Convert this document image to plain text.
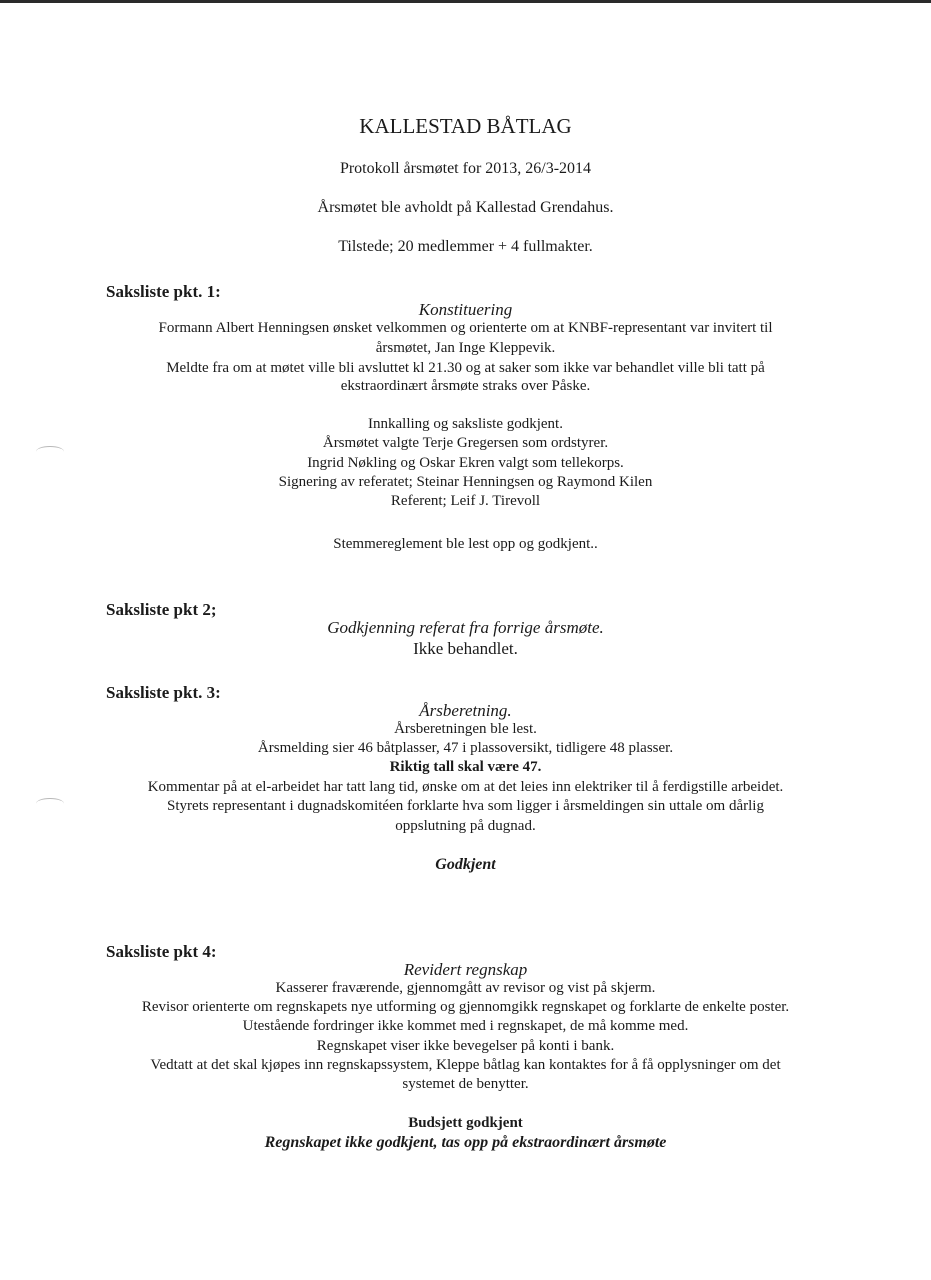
KALLESTAD BÅTLAG
Protokoll årsmøtet for 2013, 26/3-2014
Årsmøtet ble avholdt på Kallestad Grendahus.
Tilstede; 20 medlemmer + 4 fullmakter.
Saksliste pkt. 1:
Konstituering
Formann Albert Henningsen ønsket velkommen og orienterte om at KNBF-representant var invitert til
årsmøtet, Jan Inge Kleppevik.
Meldte fra om at møtet ville bli avsluttet kl 21.30 og at saker som ikke var behandlet ville bli tatt på
ekstraordinært årsmøte straks over Påske.
Innkalling og saksliste godkjent.
Årsmøtet valgte Terje Gregersen som ordstyrer.
Ingrid Nøkling og Oskar Ekren valgt som tellekorps.
Signering av referatet; Steinar Henningsen og Raymond Kilen
Referent; Leif J. Tirevoll
Stemmereglement ble lest opp og godkjent..
Saksliste pkt 2;
Godkjenning referat fra forrige årsmøte.
Ikke behandlet.
Saksliste pkt. 3:
Årsberetning.
Årsberetningen ble lest.
Årsmelding sier 46 båtplasser, 47 i plassoversikt, tidligere 48 plasser.
Riktig tall skal være 47.
Kommentar på at el-arbeidet har tatt lang tid, ønske om at det leies inn elektriker til å ferdigstille arbeidet.
Styrets representant i dugnadskomitéen forklarte hva som ligger i årsmeldingen sin uttale om dårlig
oppslutning på dugnad.
Godkjent
Saksliste pkt 4:
Revidert regnskap
Kasserer fraværende, gjennomgått av revisor og vist på skjerm.
Revisor orienterte om regnskapets nye utforming og gjennomgikk regnskapet og forklarte de enkelte poster.
Utestående fordringer ikke kommet med i regnskapet, de må komme med.
Regnskapet viser ikke bevegelser på konti i bank.
Vedtatt at det skal kjøpes inn regnskapssystem, Kleppe båtlag kan kontaktes for å få opplysninger om det
systemet de benytter.
Budsjett godkjent
Regnskapet ikke godkjent, tas opp på ekstraordinært årsmøte
